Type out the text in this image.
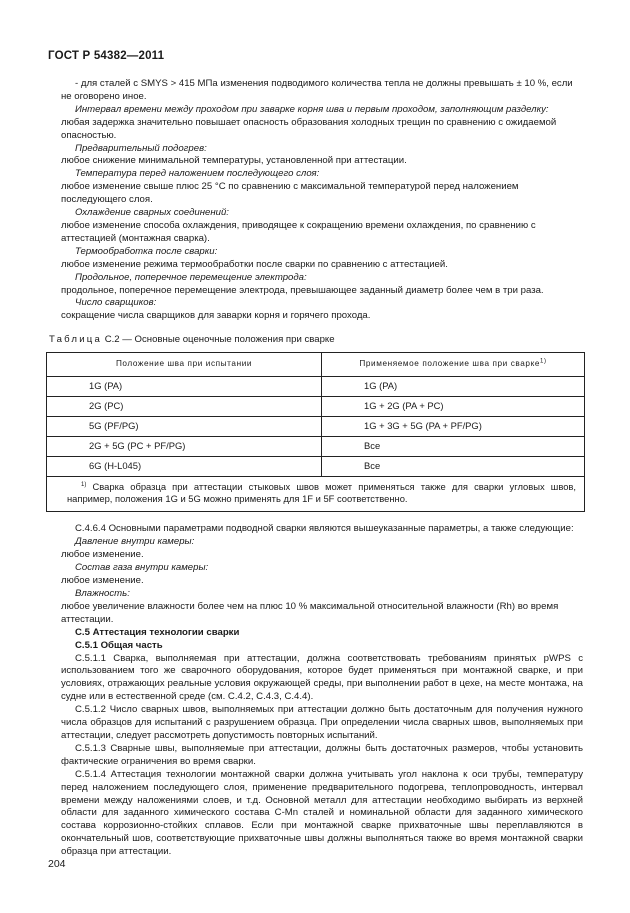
ГОСТ Р 54382—2011

- для сталей с SMYS > 415 МПа изменения подводимого количества тепла не должны превышать ± 10 %, если не оговорено иное.

Интервал времени между проходом при заварке корня шва и первым проходом, заполняющим разделку:

любая задержка значительно повышает опасность образования холодных трещин по сравнению с ожидаемой опасностью.

Предварительный подогрев:

любое снижение минимальной температуры, установленной при аттестации.

Температура перед наложением последующего слоя:

любое изменение свыше плюс 25 °С по сравнению с максимальной температурой перед наложением последующего слоя.

Охлаждение сварных соединений:

любое изменение способа охлаждения, приводящее к сокращению времени охлаждения, по сравнению с аттестацией (монтажная сварка).

Термообработка после сварки:

любое изменение режима термообработки после сварки по сравнению с аттестацией.

Продольное, поперечное перемещение электрода:

продольное, поперечное перемещение электрода, превышающее заданный диаметр более чем в три раза.

Число сварщиков:

сокращение числа сварщиков для заварки корня и горячего прохода.

Таблица С.2 — Основные оценочные положения при сварке

Положение шва при испытании	Применяемое положение шва при сварке$^{1)}$
1G (PA)	1G (PA)
2G (PC)	1G + 2G (PA + PC)
5G (PF/PG)	1G + 3G + 5G (PA + PF/PG)
2G + 5G (PC + PF/PG)	Все
6G (H-L045)	Все
$^{1)}$ Сварка образца при аттестации стыковых швов может применяться также для сварки угловых швов, например, положения 1G и 5G можно применять для 1F и 5F соответственно.	

С.4.6.4 Основными параметрами подводной сварки являются вышеуказанные параметры, а также следующие:

Давление внутри камеры:

любое изменение.

Состав газа внутри камеры:

любое изменение.

Влажность:

любое увеличение влажности более чем на плюс 10 % максимальной относительной влажности (Rh) во время аттестации.

С.5 Аттестация технологии сварки

С.5.1 Общая часть

С.5.1.1 Сварка, выполняемая при аттестации, должна соответствовать требованиям принятых pWPS с использованием того же сварочного оборудования, которое будет применяться при монтажной сварке, и при условиях, отражающих реальные условия окружающей среды, при выполнении работ в цехе, на месте монтажа, на судне или в естественной среде (см. С.4.2, С.4.3, С.4.4).

С.5.1.2 Число сварных швов, выполняемых при аттестации должно быть достаточным для получения нужного числа образцов для испытаний с разрушением образца. При определении числа сварных швов, выполняемых при аттестации, следует рассмотреть допустимость повторных испытаний.

С.5.1.3 Сварные швы, выполняемые при аттестации, должны быть достаточных размеров, чтобы установить фактические ограничения во время сварки.

С.5.1.4 Аттестация технологии монтажной сварки должна учитывать угол наклона к оси трубы, температуру перед наложением последующего слоя, применение предварительного подогрева, теплопроводность, интервал времени между наложениями слоев, и т.д. Основной металл для аттестации необходимо выбирать из верхней области для заданного химического состава С-Mn сталей и номинальной области для заданного химического состава коррозионно-стойких сплавов. Если при монтажной сварке прихваточные швы переплавляются в окончательный шов, соответствующие прихваточные швы должны выполняться также во время монтажной сварки образца при аттестации.

204
